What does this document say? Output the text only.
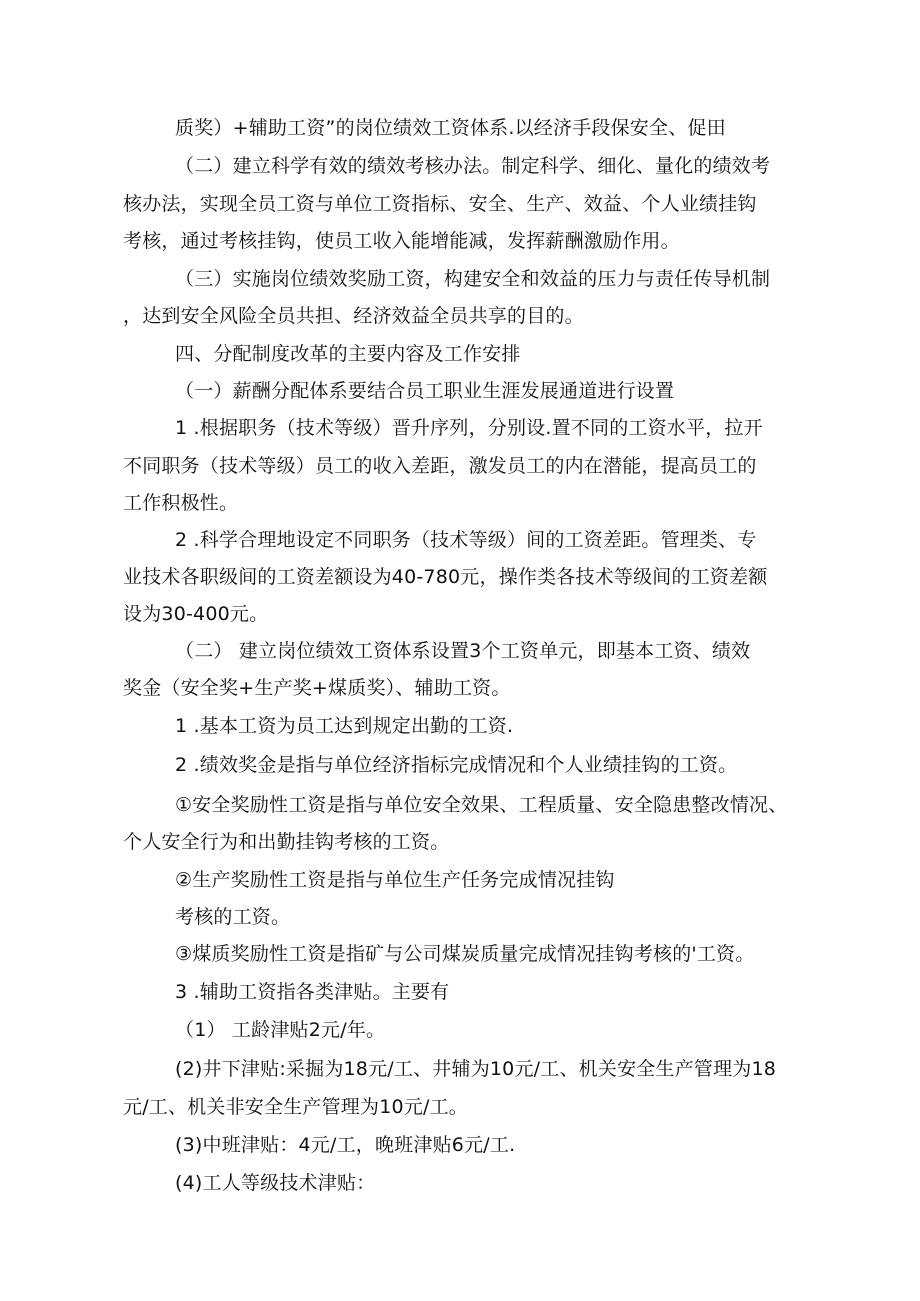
质奖）+辅助工资”的岗位绩效工资体系.以经济手段保安全、促田
（二）建立科学有效的绩效考核办法。制定科学、细化、量化的绩效考
核办法，实现全员工资与单位工资指标、安全、生产、效益、个人业绩挂钩
考核，通过考核挂钩，使员工收入能增能减，发挥薪酬激励作用。
（三）实施岗位绩效奖励工资，构建安全和效益的压力与责任传导机制
，达到安全风险全员共担、经济效益全员共享的目的。
四、分配制度改革的主要内容及工作安排
（一）薪酬分配体系要结合员工职业生涯发展通道进行设置
1 .根据职务（技术等级）晋升序列，分别设.置不同的工资水平，拉开
不同职务（技术等级）员工的收入差距，激发员工的内在潜能，提高员工的
工作积极性。
2 .科学合理地设定不同职务（技术等级）间的工资差距。管理类、专
业技术各职级间的工资差额设为40-780元，操作类各技术等级间的工资差额
设为30-400元。
（二） 建立岗位绩效工资体系设置3个工资单元，即基本工资、绩效
奖金（安全奖+生产奖+煤质奖）、辅助工资。
1 .基本工资为员工达到规定出勤的工资.
2 .绩效奖金是指与单位经济指标完成情况和个人业绩挂钩的工资。
①安全奖励性工资是指与单位安全效果、工程质量、安全隐患整改情况、
个人安全行为和出勤挂钩考核的工资。
②生产奖励性工资是指与单位生产任务完成情况挂钩
考核的工资。
③煤质奖励性工资是指矿与公司煤炭质量完成情况挂钩考核的'工资。
3 .辅助工资指各类津贴。主要有
（1） 工龄津贴2元/年。
(2)井下津贴:采掘为18元/工、井辅为10元/工、机关安全生产管理为18
元/工、机关非安全生产管理为10元/工。
(3)中班津贴：4元/工，晚班津贴6元/工.
(4)工人等级技术津贴：
